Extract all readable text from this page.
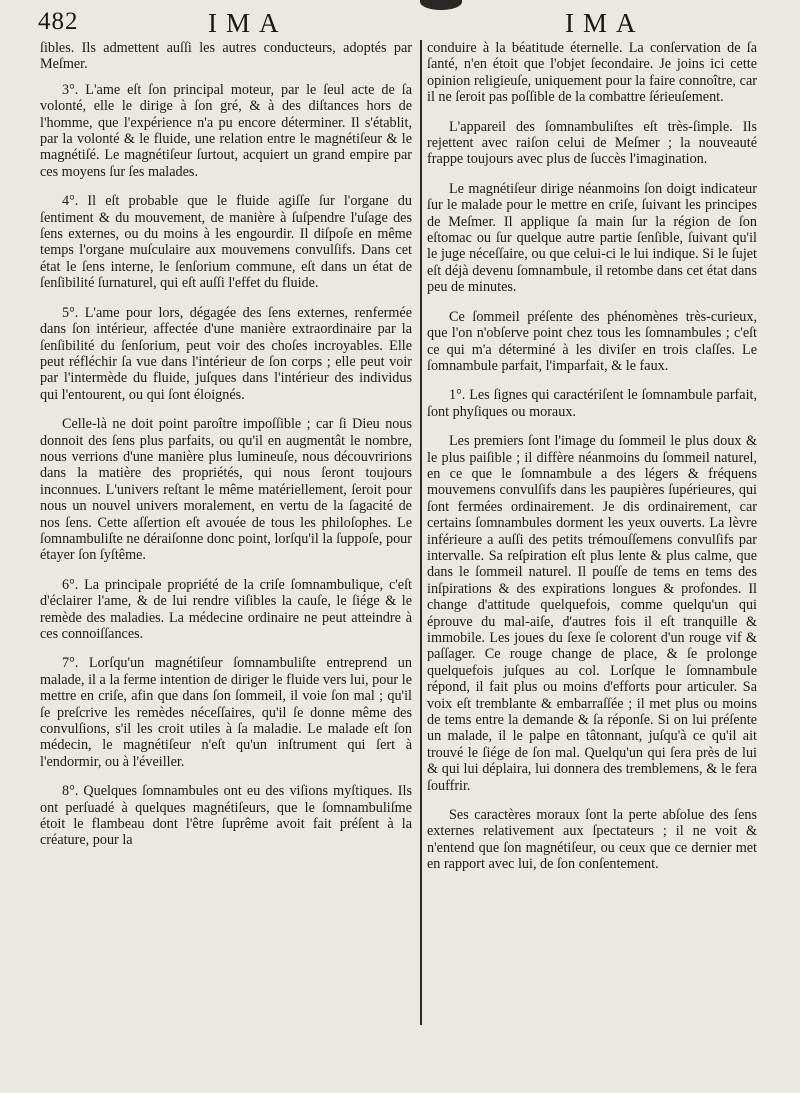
482	IMA	IMA

ſibles. Ils admettent auſſi les autres conducteurs, adoptés par Meſmer.

3°. L'ame eſt ſon principal moteur, par le ſeul acte de ſa volonté, elle le dirige à ſon gré, & à des diſtances hors de l'homme, que l'expérience n'a pu encore déterminer. Il s'établit, par la volonté & le fluide, une relation entre le magnétiſeur & le magnétiſé. Le magnétiſeur ſurtout, acquiert un grand empire par ces moyens ſur ſes malades.

4°. Il eſt probable que le fluide agiſſe ſur l'organe du ſentiment & du mouvement, de manière à ſuſpendre l'uſage des ſens externes, ou du moins à les engourdir. Il diſpoſe en même temps l'organe muſculaire aux mouvemens convulſifs. Dans cet état le ſens interne, le ſenſorium commune, eſt dans un état de ſenſibilité ſurnaturel, qui eſt auſſi l'effet du fluide.

5°. L'ame pour lors, dégagée des ſens externes, renfermée dans ſon intérieur, affectée d'une manière extraordinaire par la ſenſibilité du ſenſorium, peut voir des choſes incroyables. Elle peut réfléchir ſa vue dans l'intérieur de ſon corps ; elle peut voir par l'intermède du fluide, juſques dans l'intérieur des individus qui l'entourent, ou qui ſont éloignés.

Celle-là ne doit point paroître impoſſible ; car ſi Dieu nous donnoit des ſens plus parfaits, ou qu'il en augmentât le nombre, nous verrions d'une manière plus lumineuſe, nous découvririons dans la matière des propriétés, qui nous ſeront toujours inconnues. L'univers reſtant le même matériellement, ſeroit pour nous un nouvel univers moralement, en vertu de la ſagacité de nos ſens. Cette aſſertion eſt avouée de tous les philoſophes. Le ſomnambuliſte ne déraiſonne donc point, lorſqu'il la ſuppoſe, pour étayer ſon ſyſtême.

6°. La principale propriété de la criſe ſomnambulique, c'eſt d'éclairer l'ame, & de lui rendre viſibles la cauſe, le ſiége & le remède des maladies. La médecine ordinaire ne peut atteindre à ces connoiſſances.

7°. Lorſqu'un magnétiſeur ſomnambuliſte entreprend un malade, il a la ferme intention de diriger le fluide vers lui, pour le mettre en criſe, afin que dans ſon ſommeil, il voie ſon mal ; qu'il ſe preſcrive les remèdes néceſſaires, qu'il ſe donne même des convulſions, s'il les croit utiles à ſa maladie. Le malade eſt ſon médecin, le magnétiſeur n'eſt qu'un inſtrument qui ſert à l'endormir, ou à l'éveiller.

8°. Quelques ſomnambules ont eu des viſions myſtiques. Ils ont perſuadé à quelques magnétiſeurs, que le ſomnambuliſme étoit le flambeau dont l'être ſuprême avoit fait préſent à la créature, pour la

conduire à la béatitude éternelle. La conſervation de ſa ſanté, n'en étoit que l'objet ſecondaire. Je joins ici cette opinion religieuſe, uniquement pour la faire connoître, car il ne ſeroit pas poſſible de la combattre ſérieuſement.

L'appareil des ſomnambuliſtes eſt très-ſimple. Ils rejettent avec raiſon celui de Meſmer ; la nouveauté frappe toujours avec plus de ſuccès l'imagination.

Le magnétiſeur dirige néanmoins ſon doigt indicateur ſur le malade pour le mettre en criſe, ſuivant les principes de Meſmer. Il applique ſa main ſur la région de ſon eſtomac ou ſur quelque autre partie ſenſible, ſuivant qu'il le juge néceſſaire, ou que celui-ci le lui indique. Si le ſujet eſt déjà devenu ſomnambule, il retombe dans cet état dans peu de minutes.

Ce ſommeil préſente des phénomènes très-curieux, que l'on n'obſerve point chez tous les ſomnambules ; c'eſt ce qui m'a déterminé à les diviſer en trois claſſes. Le ſomnambule parfait, l'imparfait, & le faux.

1°. Les ſignes qui caractériſent le ſomnambule parfait, ſont phyſiques ou moraux.

Les premiers ſont l'image du ſommeil le plus doux & le plus paiſible ; il diffère néanmoins du ſommeil naturel, en ce que le ſomnambule a des légers & fréquens mouvemens convulſifs dans les paupières ſupérieures, qui ſont fermées ordinairement. Je dis ordinairement, car certains ſomnambules dorment les yeux ouverts. La lèvre inférieure a auſſi des petits trémouſſemens convulſifs par intervalle. Sa reſpiration eſt plus lente & plus calme, que dans le ſommeil naturel. Il pouſſe de tems en tems des inſpirations & des expirations longues & profondes. Il change d'attitude quelquefois, comme quelqu'un qui éprouve du mal-aiſe, d'autres fois il eſt tranquille & immobile. Les joues du ſexe ſe colorent d'un rouge vif & paſſager. Ce rouge change de place, & ſe prolonge quelquefois juſques au col. Lorſque le ſomnambule répond, il fait plus ou moins d'efforts pour articuler. Sa voix eſt tremblante & embarraſſée ; il met plus ou moins de tems entre la demande & ſa réponſe. Si on lui préſente un malade, il le palpe en tâtonnant, juſqu'à ce qu'il ait trouvé le ſiége de ſon mal. Quelqu'un qui ſera près de lui & qui lui déplaira, lui donnera des tremblemens, & le fera ſouffrir.

Ses caractères moraux ſont la perte abſolue des ſens externes relativement aux ſpectateurs ; il ne voit & n'entend que ſon magnétiſeur, ou ceux que ce dernier met en rapport avec lui, de ſon conſentement.
